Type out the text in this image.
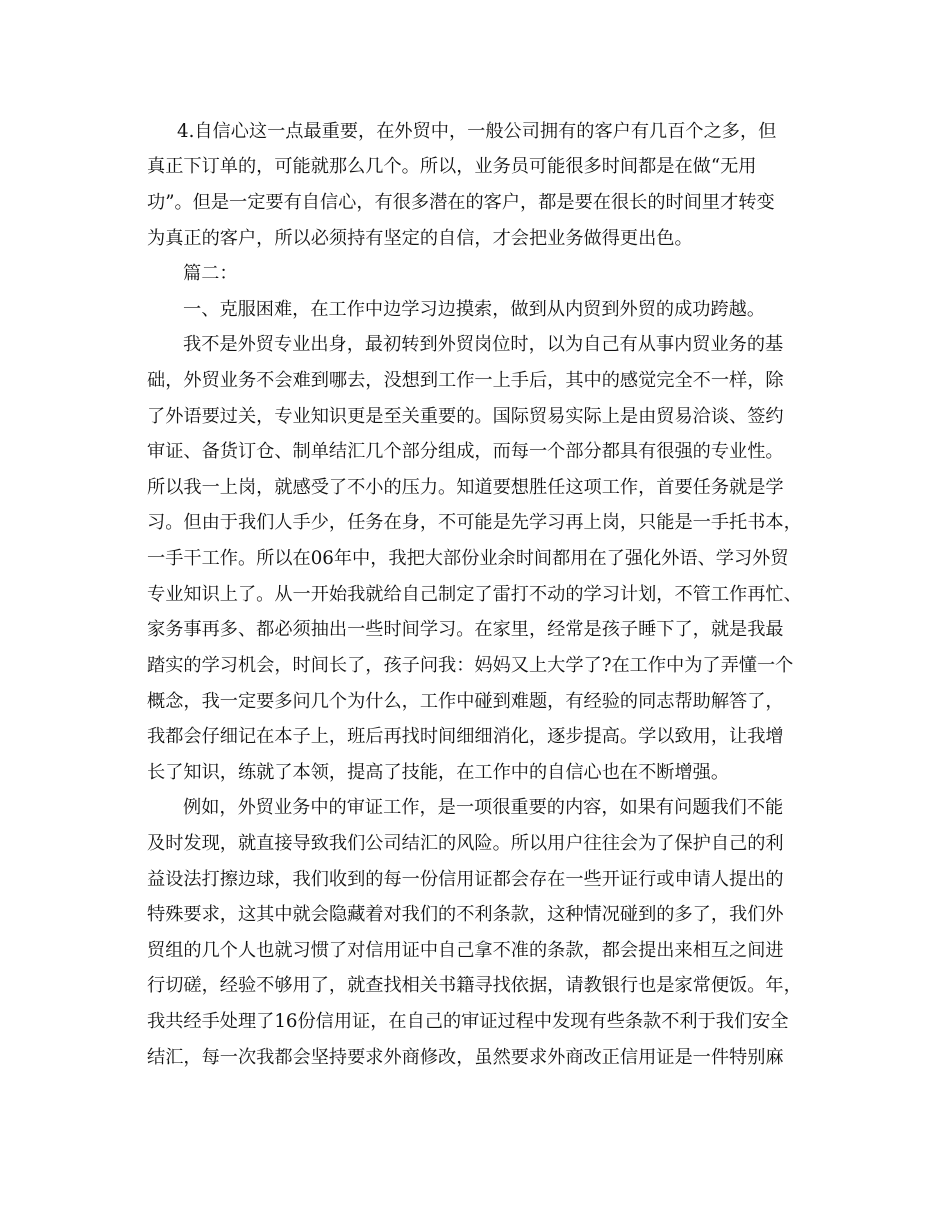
4.自信心这一点最重要，在外贸中，一般公司拥有的客户有几百个之多，但
真正下订单的，可能就那么几个。所以，业务员可能很多时间都是在做“无用
功”。但是一定要有自信心，有很多潜在的客户，都是要在很长的时间里才转变
为真正的客户，所以必须持有坚定的自信，才会把业务做得更出色。
篇二：
一、克服困难，在工作中边学习边摸索，做到从内贸到外贸的成功跨越。
我不是外贸专业出身，最初转到外贸岗位时，以为自己有从事内贸业务的基
础，外贸业务不会难到哪去，没想到工作一上手后，其中的感觉完全不一样，除
了外语要过关，专业知识更是至关重要的。国际贸易实际上是由贸易洽谈、签约
审证、备货订仓、制单结汇几个部分组成，而每一个部分都具有很强的专业性。
所以我一上岗，就感受了不小的压力。知道要想胜任这项工作，首要任务就是学
习。但由于我们人手少，任务在身，不可能是先学习再上岗，只能是一手托书本，
一手干工作。所以在06年中，我把大部份业余时间都用在了强化外语、学习外贸
专业知识上了。从一开始我就给自己制定了雷打不动的学习计划，不管工作再忙、
家务事再多、都必须抽出一些时间学习。在家里，经常是孩子睡下了，就是我最
踏实的学习机会，时间长了，孩子问我：妈妈又上大学了?在工作中为了弄懂一个
概念，我一定要多问几个为什么，工作中碰到难题，有经验的同志帮助解答了，
我都会仔细记在本子上，班后再找时间细细消化，逐步提高。学以致用，让我增
长了知识，练就了本领，提高了技能，在工作中的自信心也在不断增强。
例如，外贸业务中的审证工作，是一项很重要的内容，如果有问题我们不能
及时发现，就直接导致我们公司结汇的风险。所以用户往往会为了保护自己的利
益设法打擦边球，我们收到的每一份信用证都会存在一些开证行或申请人提出的
特殊要求，这其中就会隐藏着对我们的不利条款，这种情况碰到的多了，我们外
贸组的几个人也就习惯了对信用证中自己拿不准的条款，都会提出来相互之间进
行切磋，经验不够用了，就查找相关书籍寻找依据，请教银行也是家常便饭。年，
我共经手处理了16份信用证，在自己的审证过程中发现有些条款不利于我们安全
结汇，每一次我都会坚持要求外商修改，虽然要求外商改正信用证是一件特别麻
